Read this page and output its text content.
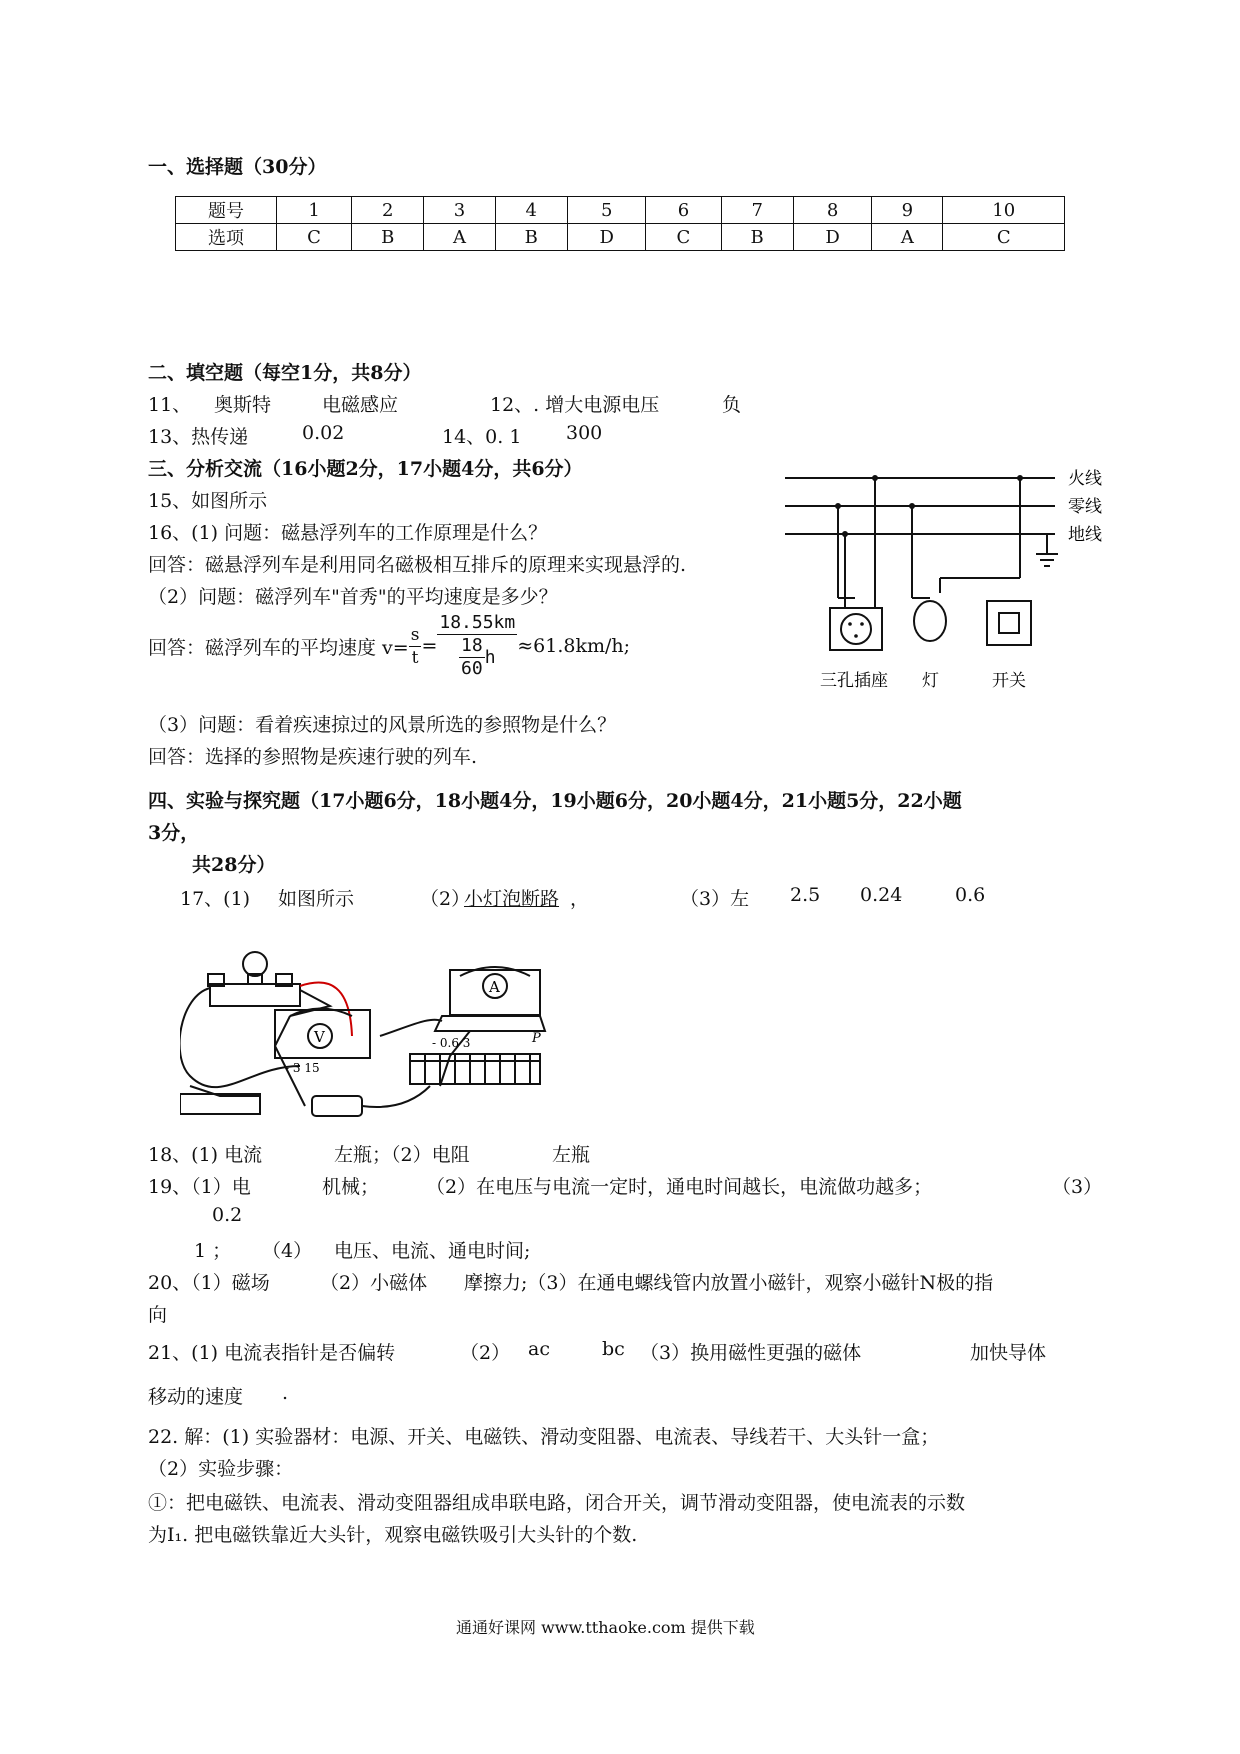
一、选择题（30分）
题号	1	2	3	4	5	6	7	8	9	10
选项	C	B	A	B	D	C	B	D	A	C
二、填空题（每空1分，共8分）
11、 奥斯特	电磁感应	12、. 增大电源电压	负
13、热传递	0.02	14、0. 1 300
三、分析交流（16小题2分，17小题4分，共6分）
15、如图所示
16、(1) 问题：磁悬浮列车的工作原理是什么？
回答：磁悬浮列车是利用同名磁极相互排斥的原理来实现悬浮的.
（2）问题：磁浮列车"首秀"的平均速度是多少？
回答：磁浮列车的平均速度 $v= \frac{s}{t} = \frac{18.55km}{\frac{18}{60} h} \approx 61.8km/h$;
（3）问题：看着疾速掠过的风景所选的参照物是什么？
回答：选择的参照物是疾速行驶的列车.
火线
零线
地线
三孔插座 灯	开关
四、实验与探究题（17小题6分，18小题4分，19小题6分，20小题4分，21小题5分，22小题
3分，
共28分）
17、(1) 如图所示	（2）
小灯泡断路 ，	（3）左 2.5 0.24	0.6
V
A
- 3 15
- 0.6 3	P
18、(1) 电流	左瓶；（2）电阻	左瓶
19、（1）电	机械； （2）在电压与电流一定时，通电时间越长，电流做功越多；	（3）
0.2
1 ； （4） 电压、电流、通电时间;
20、（1）磁场	（2）小磁体 摩擦力;（3）在通电螺线管内放置小磁针，观察小磁针N极的指
向
21、(1) 电流表指针是否偏转	（2） ac	bc （3）换用磁性更强的磁体	加快导体
移动的速度 .
22. 解：(1) 实验器材：电源、开关、电磁铁、滑动变阻器、电流表、导线若干、大头针一盒；
（2）实验步骤：
①：把电磁铁、电流表、滑动变阻器组成串联电路，闭合开关，调节滑动变阻器，使电流表的示数
为I₁. 把电磁铁靠近大头针，观察电磁铁吸引大头针的个数.
通通好课网 www.tthaoke.com 提供下载
